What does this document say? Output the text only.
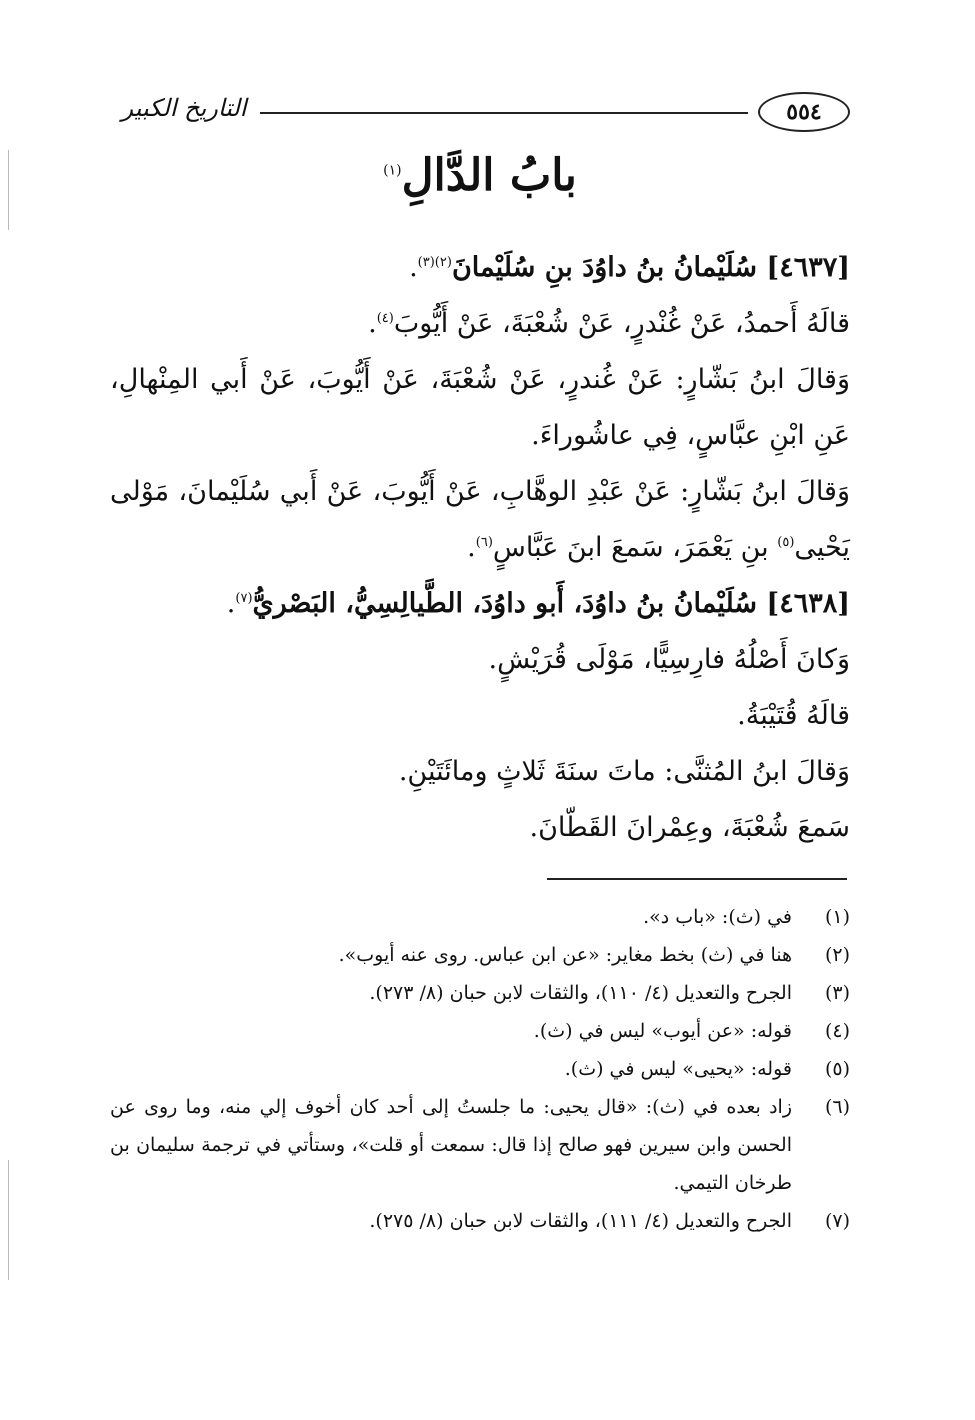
٥٥٤
التاريخ الكبير
بابُ الدَّالِ$^{(١)}$

[٤٦٣٧] سُلَيْمانُ بنُ داوُدَ بنِ سُلَيْمانَ$^{(٢)(٣)}$.

قالَهُ أَحمدُ، عَنْ غُنْدرٍ، عَنْ شُعْبَةَ، عَنْ أَيُّوبَ$^{(٤)}$.

وَقالَ ابنُ بَشّارٍ: عَنْ غُندرٍ، عَنْ شُعْبَةَ، عَنْ أَيُّوبَ، عَنْ أَبي المِنْهالِ، عَنِ ابْنِ عبَّاسٍ، فِي عاشُوراءَ.

وَقالَ ابنُ بَشّارٍ: عَنْ عَبْدِ الوهَّابِ، عَنْ أَيُّوبَ، عَنْ أَبي سُلَيْمانَ، مَوْلى يَحْيى$^{(٥)}$ بنِ يَعْمَرَ، سَمعَ ابنَ عَبَّاسٍ$^{(٦)}$.

[٤٦٣٨] سُلَيْمانُ بنُ داوُدَ، أَبو داوُدَ، الطَّيالِسِيُّ، البَصْريُّ$^{(٧)}$.

وَكانَ أَصْلُهُ فارِسِيًّا، مَوْلَى قُرَيْشٍ.

قالَهُ قُتَيْبَةُ.

وَقالَ ابنُ المُثنَّى: ماتَ سنَةَ ثَلاثٍ ومائَتَيْنِ.

سَمعَ شُعْبَةَ، وعِمْرانَ القَطّانَ.

(١)
في (ث): «باب د».
(٢)
هنا في (ث) بخط مغاير: «عن ابن عباس. روى عنه أيوب».
(٣)
الجرح والتعديل (٤/ ١١٠)، والثقات لابن حبان (٨/ ٢٧٣).
(٤)
قوله: «عن أيوب» ليس في (ث).
(٥)
قوله: «يحيى» ليس في (ث).
(٦)
زاد بعده في (ث): «قال يحيى: ما جلستُ إلى أحد كان أخوف إلي منه، وما روى عن الحسن وابن سيرين فهو صالح إذا قال: سمعت أو قلت»، وستأتي في ترجمة سليمان بن طرخان التيمي.
(٧)
الجرح والتعديل (٤/ ١١١)، والثقات لابن حبان (٨/ ٢٧٥).
